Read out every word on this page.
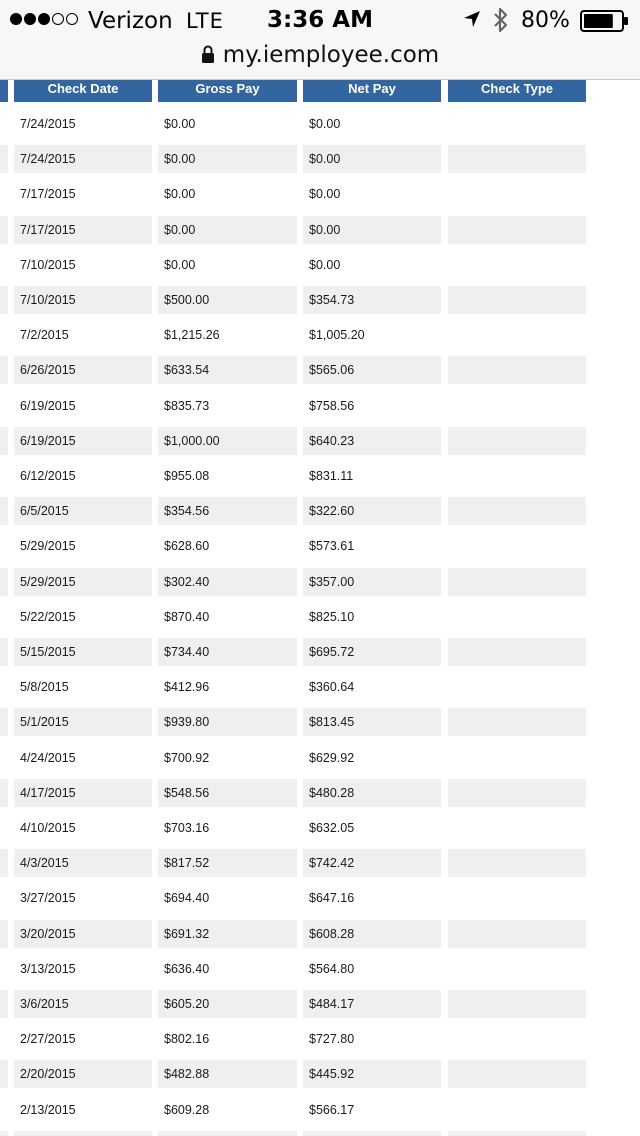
Verizon LTE	3:36 AM	80%
my.iemployee.com
Check Date	Gross Pay	Net Pay	Check Type
7/24/2015	$0.00	$0.00
7/24/2015	$0.00	$0.00
7/17/2015	$0.00	$0.00
7/17/2015	$0.00	$0.00
7/10/2015	$0.00	$0.00
7/10/2015	$500.00	$354.73
7/2/2015	$1,215.26	$1,005.20
6/26/2015	$633.54	$565.06
6/19/2015	$835.73	$758.56
6/19/2015	$1,000.00	$640.23
6/12/2015	$955.08	$831.11
6/5/2015	$354.56	$322.60
5/29/2015	$628.60	$573.61
5/29/2015	$302.40	$357.00
5/22/2015	$870.40	$825.10
5/15/2015	$734.40	$695.72
5/8/2015	$412.96	$360.64
5/1/2015	$939.80	$813.45
4/24/2015	$700.92	$629.92
4/17/2015	$548.56	$480.28
4/10/2015	$703.16	$632.05
4/3/2015	$817.52	$742.42
3/27/2015	$694.40	$647.16
3/20/2015	$691.32	$608.28
3/13/2015	$636.40	$564.80
3/6/2015	$605.20	$484.17
2/27/2015	$802.16	$727.80
2/20/2015	$482.88	$445.92
2/13/2015	$609.28	$566.17
